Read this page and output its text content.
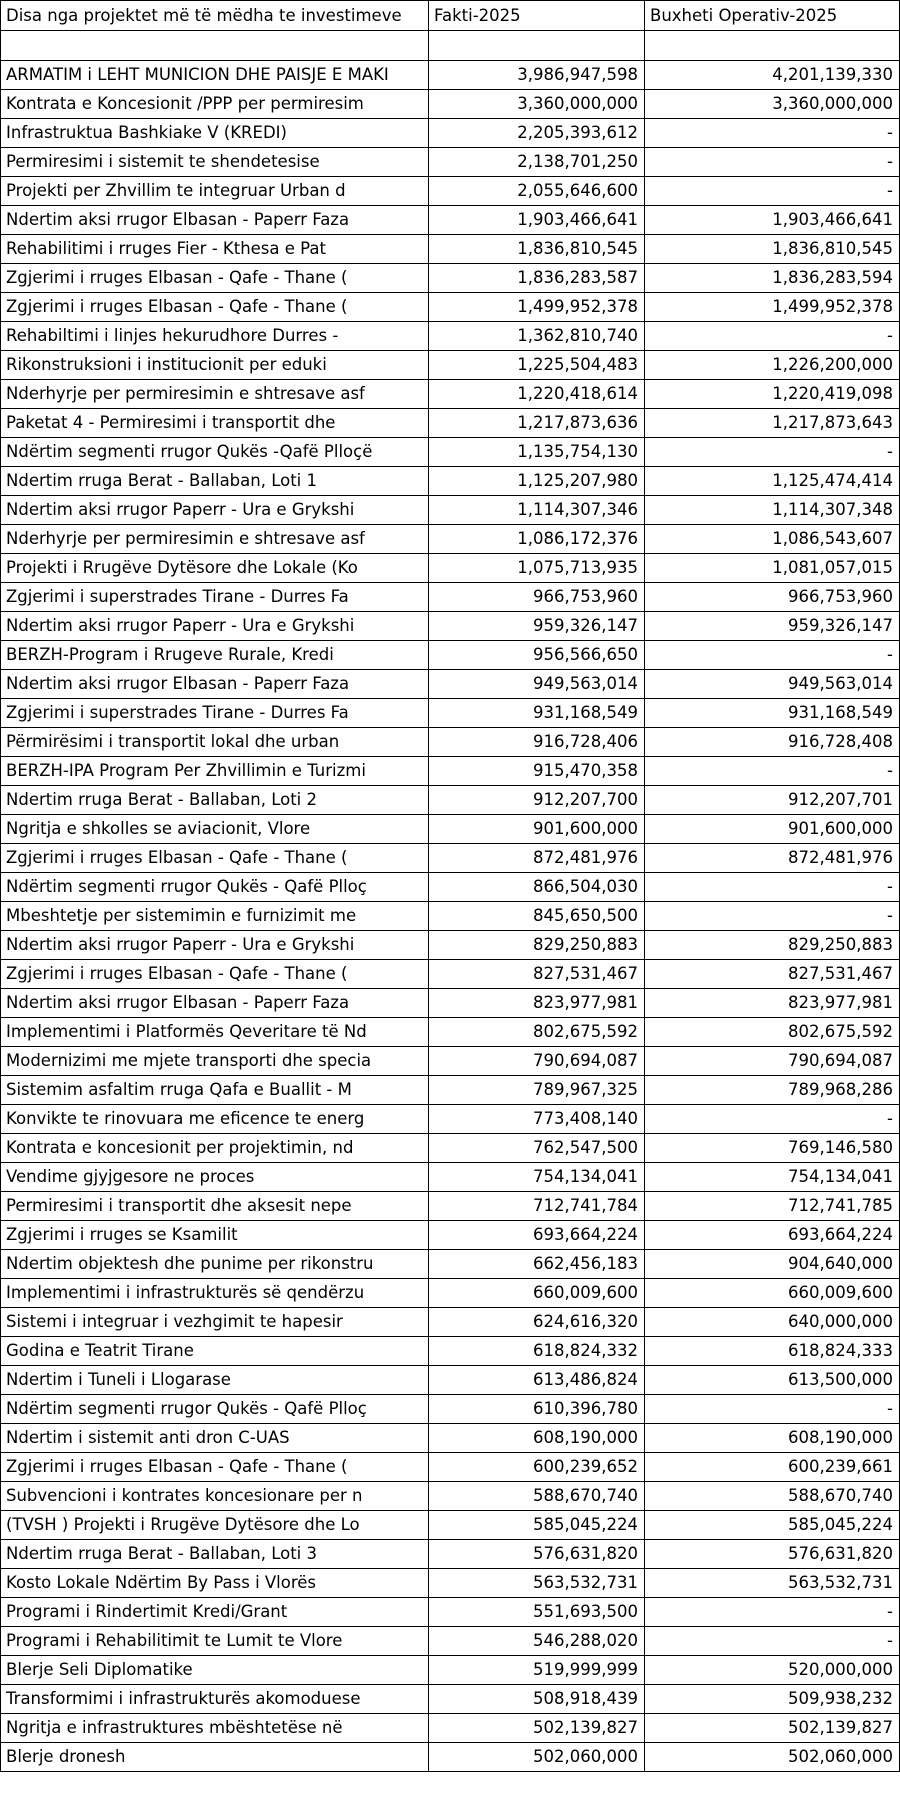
Disa nga projektet më të mëdha te investimeve	Fakti-2025	Buxheti Operativ-2025

ARMATIM i LEHT MUNICION DHE PAISJE E MAKI	3,986,947,598	4,201,139,330
Kontrata e Koncesionit /PPP per permiresim	3,360,000,000	3,360,000,000
Infrastruktua Bashkiake V (KREDI)	2,205,393,612	-
Permiresimi i sistemit te shendetesise	2,138,701,250	-
Projekti per Zhvillim te integruar Urban d	2,055,646,600	-
Ndertim aksi rrugor Elbasan - Paperr Faza	1,903,466,641	1,903,466,641
Rehabilitimi i rruges Fier - Kthesa e Pat	1,836,810,545	1,836,810,545
Zgjerimi i rruges Elbasan - Qafe - Thane (	1,836,283,587	1,836,283,594
Zgjerimi i rruges Elbasan - Qafe - Thane (	1,499,952,378	1,499,952,378
Rehabiltimi i linjes hekurudhore Durres -	1,362,810,740	-
Rikonstruksioni i institucionit per eduki	1,225,504,483	1,226,200,000
Nderhyrje per permiresimin e shtresave asf	1,220,418,614	1,220,419,098
Paketat 4 - Permiresimi i transportit dhe	1,217,873,636	1,217,873,643
Ndërtim segmenti rrugor Qukës -Qafë Plloçë	1,135,754,130	-
Ndertim rruga Berat - Ballaban, Loti 1	1,125,207,980	1,125,474,414
Ndertim aksi rrugor Paperr - Ura e Grykshi	1,114,307,346	1,114,307,348
Nderhyrje per permiresimin e shtresave asf	1,086,172,376	1,086,543,607
Projekti i Rrugëve Dytësore dhe Lokale (Ko	1,075,713,935	1,081,057,015
Zgjerimi i superstrades Tirane - Durres Fa	966,753,960	966,753,960
Ndertim aksi rrugor Paperr - Ura e Grykshi	959,326,147	959,326,147
BERZH-Program i Rrugeve Rurale, Kredi	956,566,650	-
Ndertim aksi rrugor Elbasan - Paperr Faza	949,563,014	949,563,014
Zgjerimi i superstrades Tirane - Durres Fa	931,168,549	931,168,549
Përmirësimi i transportit lokal dhe urban	916,728,406	916,728,408
BERZH-IPA Program Per Zhvillimin e Turizmi	915,470,358	-
Ndertim rruga Berat - Ballaban, Loti 2	912,207,700	912,207,701
Ngritja e shkolles se aviacionit, Vlore	901,600,000	901,600,000
Zgjerimi i rruges Elbasan - Qafe - Thane (	872,481,976	872,481,976
Ndërtim segmenti rrugor Qukës - Qafë Plloç	866,504,030	-
Mbeshtetje per sistemimin e furnizimit me	845,650,500	-
Ndertim aksi rrugor Paperr - Ura e Grykshi	829,250,883	829,250,883
Zgjerimi i rruges Elbasan - Qafe - Thane (	827,531,467	827,531,467
Ndertim aksi rrugor Elbasan - Paperr Faza	823,977,981	823,977,981
Implementimi i Platformës Qeveritare të Nd	802,675,592	802,675,592
Modernizimi me mjete transporti dhe specia	790,694,087	790,694,087
Sistemim asfaltim rruga Qafa e Buallit - M	789,967,325	789,968,286
Konvikte te rinovuara me eficence te energ	773,408,140	-
Kontrata e koncesionit per projektimin, nd	762,547,500	769,146,580
Vendime gjyjgesore ne proces	754,134,041	754,134,041
Permiresimi i transportit dhe aksesit nepe	712,741,784	712,741,785
Zgjerimi i rruges se Ksamilit	693,664,224	693,664,224
Ndertim objektesh dhe punime per rikonstru	662,456,183	904,640,000
Implementimi i infrastrukturës së qendërzu	660,009,600	660,009,600
Sistemi i integruar i vezhgimit te hapesir	624,616,320	640,000,000
Godina e Teatrit Tirane	618,824,332	618,824,333
Ndertim i Tuneli i Llogarase	613,486,824	613,500,000
Ndërtim segmenti rrugor Qukës - Qafë Plloç	610,396,780	-
Ndertim i sistemit anti dron C-UAS	608,190,000	608,190,000
Zgjerimi i rruges Elbasan - Qafe - Thane (	600,239,652	600,239,661
Subvencioni i kontrates koncesionare per n	588,670,740	588,670,740
(TVSH ) Projekti i Rrugëve Dytësore dhe Lo	585,045,224	585,045,224
Ndertim rruga Berat - Ballaban, Loti 3	576,631,820	576,631,820
Kosto Lokale Ndërtim By Pass i Vlorës	563,532,731	563,532,731
Programi i Rindertimit Kredi/Grant	551,693,500	-
Programi i Rehabilitimit te Lumit te Vlore	546,288,020	-
Blerje Seli Diplomatike	519,999,999	520,000,000
Transformimi i infrastrukturës akomoduese	508,918,439	509,938,232
Ngritja e infrastruktures mbështetëse në	502,139,827	502,139,827
Blerje dronesh	502,060,000	502,060,000
